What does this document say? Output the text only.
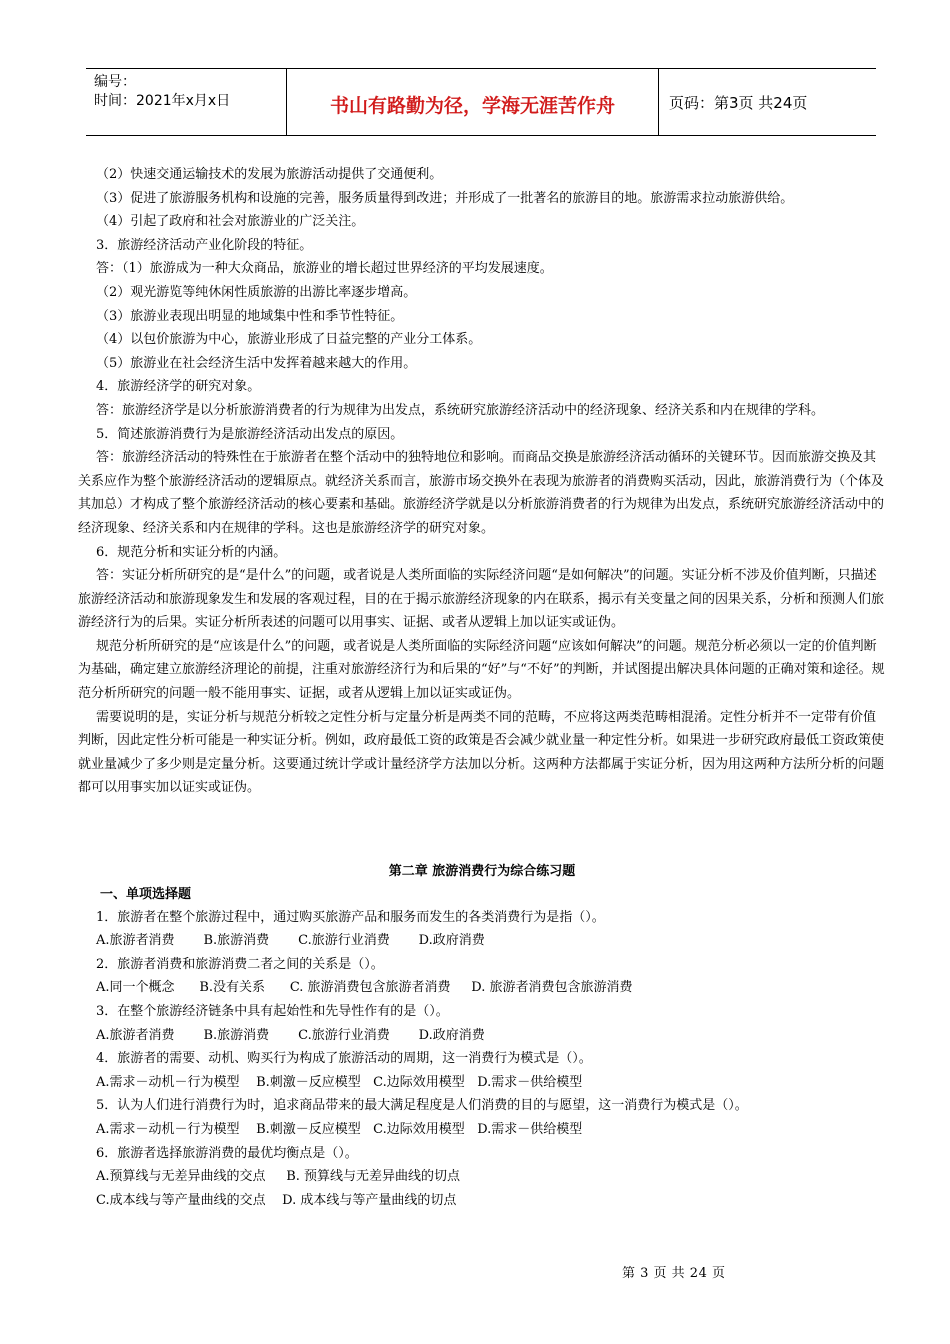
编号：
时间：2021年x月x日	书山有路勤为径，学海无涯苦作舟	页码：第3页 共24页

（2）快速交通运输技术的发展为旅游活动提供了交通便利。

（3）促进了旅游服务机构和设施的完善，服务质量得到改进；并形成了一批著名的旅游目的地。旅游需求拉动旅游供给。

（4）引起了政府和社会对旅游业的广泛关注。

3．旅游经济活动产业化阶段的特征。

答：（1）旅游成为一种大众商品，旅游业的增长超过世界经济的平均发展速度。

（2）观光游览等纯休闲性质旅游的出游比率逐步增高。

（3）旅游业表现出明显的地域集中性和季节性特征。

（4）以包价旅游为中心，旅游业形成了日益完整的产业分工体系。

（5）旅游业在社会经济生活中发挥着越来越大的作用。

4．旅游经济学的研究对象。

答：旅游经济学是以分析旅游消费者的行为规律为出发点，系统研究旅游经济活动中的经济现象、经济关系和内在规律的学科。

5．简述旅游消费行为是旅游经济活动出发点的原因。

答：旅游经济活动的特殊性在于旅游者在整个活动中的独特地位和影响。而商品交换是旅游经济活动循环的关键环节。因而旅游交换及其关系应作为整个旅游经济活动的逻辑原点。就经济关系而言，旅游市场交换外在表现为旅游者的消费购买活动，因此，旅游消费行为（个体及其加总）才构成了整个旅游经济活动的核心要素和基础。旅游经济学就是以分析旅游消费者的行为规律为出发点，系统研究旅游经济活动中的经济现象、经济关系和内在规律的学科。这也是旅游经济学的研究对象。

6．规范分析和实证分析的内涵。

答：实证分析所研究的是“是什么”的问题，或者说是人类所面临的实际经济问题“是如何解决”的问题。实证分析不涉及价值判断，只描述旅游经济活动和旅游现象发生和发展的客观过程，目的在于揭示旅游经济现象的内在联系，揭示有关变量之间的因果关系，分析和预测人们旅游经济行为的后果。实证分析所表述的问题可以用事实、证据、或者从逻辑上加以证实或证伪。

规范分析所研究的是“应该是什么”的问题，或者说是人类所面临的实际经济问题“应该如何解决”的问题。规范分析必须以一定的价值判断为基础，确定建立旅游经济理论的前提，注重对旅游经济行为和后果的“好”与“不好”的判断，并试图提出解决具体问题的正确对策和途径。规范分析所研究的问题一般不能用事实、证据，或者从逻辑上加以证实或证伪。

需要说明的是，实证分析与规范分析较之定性分析与定量分析是两类不同的范畴，不应将这两类范畴相混淆。定性分析并不一定带有价值判断，因此定性分析可能是一种实证分析。例如，政府最低工资的政策是否会减少就业量一种定性分析。如果进一步研究政府最低工资政策使就业量减少了多少则是定量分析。这要通过统计学或计量经济学方法加以分析。这两种方法都属于实证分析，因为用这两种方法所分析的问题都可以用事实加以证实或证伪。

第二章 旅游消费行为综合练习题

一、单项选择题

1．旅游者在整个旅游过程中，通过购买旅游产品和服务而发生的各类消费行为是指（）。

A.旅游者消费
B.旅游消费
C.旅游行业消费
D.政府消费

2．旅游者消费和旅游消费二者之间的关系是（）。

A.同一个概念
B.没有关系
C. 旅游消费包含旅游者消费
D. 旅游者消费包含旅游消费

3．在整个旅游经济链条中具有起始性和先导性作有的是（）。

A.旅游者消费
B.旅游消费
C.旅游行业消费
D.政府消费

4．旅游者的需要、动机、购买行为构成了旅游活动的周期，这一消费行为模式是（）。

A.需求－动机－行为模型
B.刺激－反应模型
C.边际效用模型
D.需求－供给模型

5．认为人们进行消费行为时，追求商品带来的最大满足程度是人们消费的目的与愿望，这一消费行为模式是（）。

A.需求－动机－行为模型
B.刺激－反应模型
C.边际效用模型
D.需求－供给模型

6．旅游者选择旅游消费的最优均衡点是（）。

A.预算线与无差异曲线的交点
B. 预算线与无差异曲线的切点
C.成本线与等产量曲线的交点
D. 成本线与等产量曲线的切点
第 3 页 共 24 页
